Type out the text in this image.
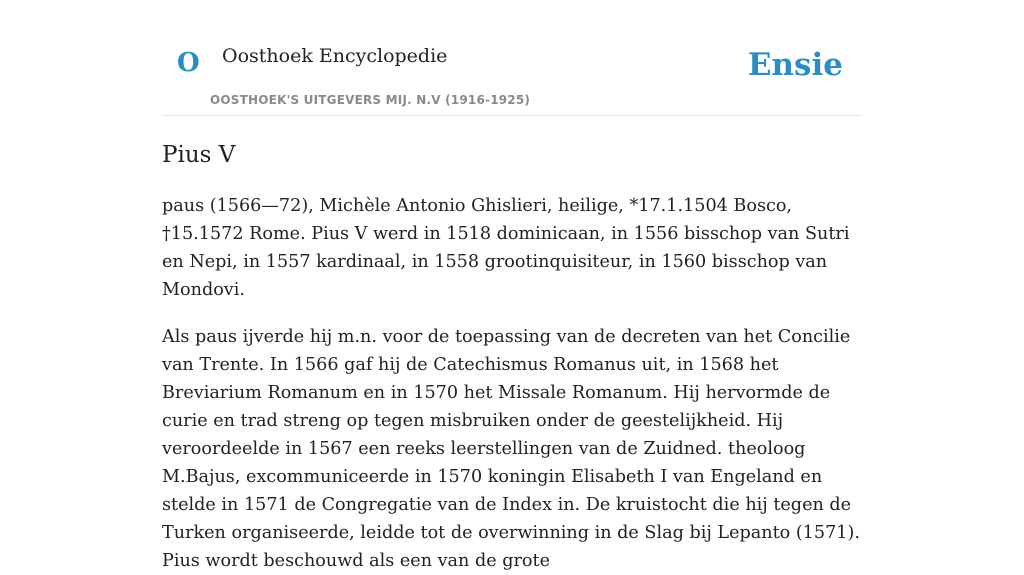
O Oosthoek Encyclopedie
OOSTHOEK'S UITGEVERS MIJ. N.V (1916-1925)
Ensie
Pius V

paus (1566—72), Michèle Antonio Ghislieri, heilige, *17.1.1504 Bosco, †15.1572 Rome. Pius V werd in 1518 dominicaan, in 1556 bisschop van Sutri en Nepi, in 1557 kardinaal, in 1558 grootinquisiteur, in 1560 bisschop van Mondovi.

Als paus ijverde hij m.n. voor de toepassing van de decreten van het Concilie van Trente. In 1566 gaf hij de Catechismus Romanus uit, in 1568 het Breviarium Romanum en in 1570 het Missale Romanum. Hij hervormde de curie en trad streng op tegen misbruiken onder de geestelijkheid. Hij veroordeelde in 1567 een reeks leerstellingen van de Zuidned. theoloog M.Bajus, excommuniceerde in 1570 koningin Elisabeth I van Engeland en stelde in 1571 de Congregatie van de Index in. De kruistocht die hij tegen de Turken organiseerde, leidde tot de overwinning in de Slag bij Lepanto (1571). Pius wordt beschouwd als een van de grote
